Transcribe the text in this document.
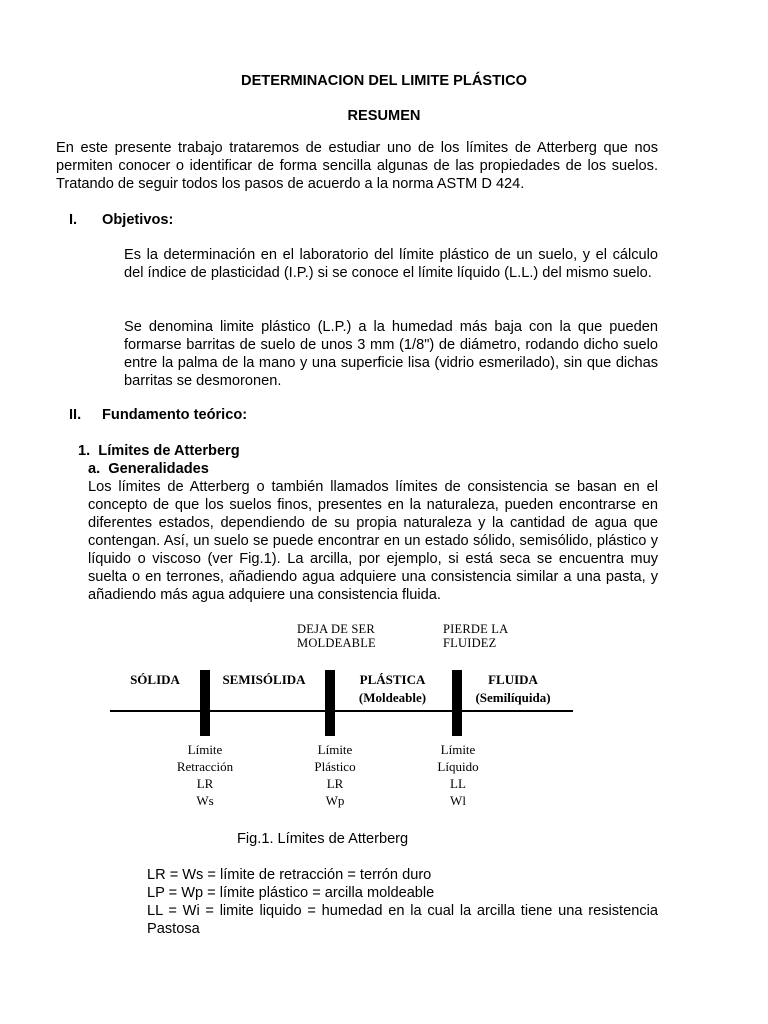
DETERMINACION DEL LIMITE PLÁSTICO
RESUMEN
En este presente trabajo trataremos de estudiar uno de los límites de Atterberg que nos permiten conocer o identificar de forma sencilla algunas de las propiedades de los suelos. Tratando de seguir todos los pasos de acuerdo a la norma ASTM D 424.
I. Objetivos:
Es la determinación en el laboratorio del límite plástico de un suelo, y el cálculo del índice de plasticidad (I.P.) si se conoce el límite líquido (L.L.) del mismo suelo.
Se denomina limite plástico (L.P.) a la humedad más baja con la que pueden formarse barritas de suelo de unos 3 mm (1/8") de diámetro, rodando dicho suelo entre la palma de la mano y una superficie lisa (vidrio esmerilado), sin que dichas barritas se desmoronen.
II. Fundamento teórico:
1.  Límites de Atterberg
a.  Generalidades
Los límites de Atterberg o también llamados límites de consistencia se basan en el concepto de que los suelos finos, presentes en la naturaleza, pueden encontrarse en diferentes estados, dependiendo de su propia naturaleza y la cantidad de agua que contengan. Así, un suelo se puede encontrar en un estado sólido, semisólido, plástico y líquido o viscoso (ver Fig.1). La arcilla, por ejemplo, si está seca se encuentra muy suelta o en terrones, añadiendo agua adquiere una consistencia similar a una pasta, y añadiendo más agua adquiere una consistencia fluida.
DEJA DE SER
MOLDEABLE
PIERDE LA
FLUIDEZ
SÓLIDA	SEMISÓLIDA	PLÁSTICA
(Moldeable)
FLUIDA
(Semilíquida)
Límite
Retracción
LR
Ws
Límite
Plástico
LR
Wp
Límite
Líquido
LL
Wl
Fig.1. Límites de Atterberg
LR = Ws = límite de retracción = terrón duro
LP = Wp = límite plástico = arcilla moldeable
LL = Wi = limite liquido = humedad en la cual la arcilla tiene una resistencia  Pastosa
